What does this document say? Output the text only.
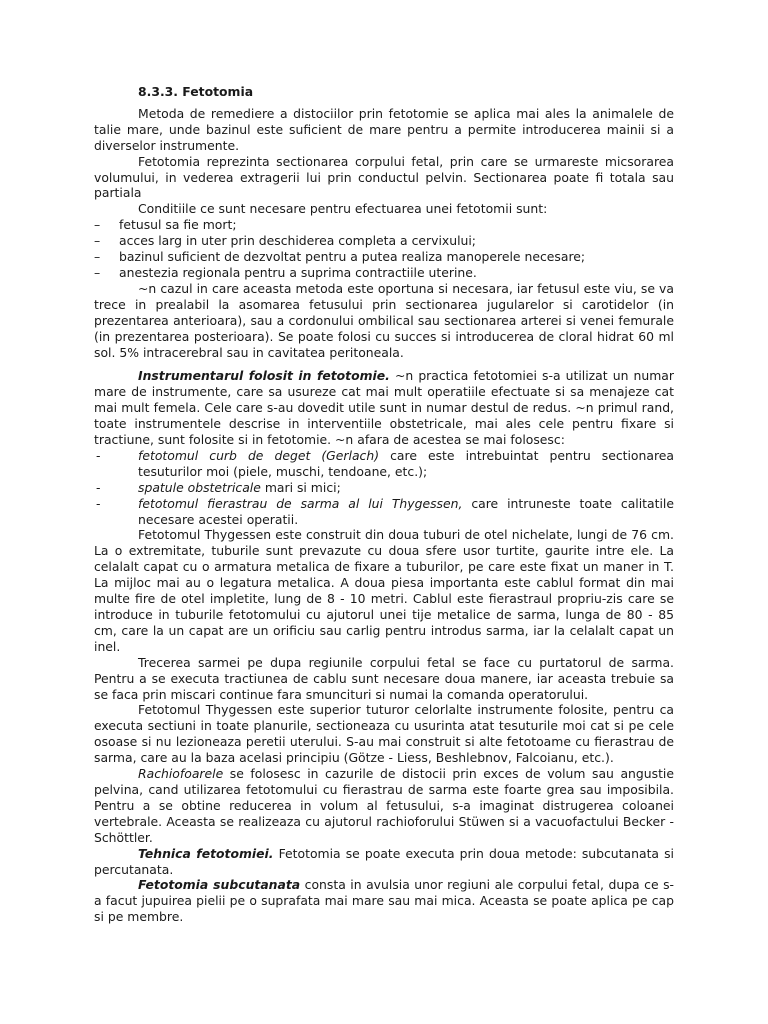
8.3.3. Fetotomia

Metoda de remediere a distociilor prin fetotomie se aplica mai ales la animalele de talie mare, unde bazinul este suficient de mare pentru a permite introducerea mainii si a diverselor instrumente.

Fetotomia reprezinta sectionarea corpului fetal, prin care se urmareste micsorarea volumului, in vederea extragerii lui prin conductul pelvin. Sectionarea poate fi totala sau partiala

Conditiile ce sunt necesare pentru efectuarea unei fetotomii sunt:

– fetusul sa fie mort;
– acces larg in uter prin deschiderea completa a cervixului;
– bazinul suficient de dezvoltat pentru a putea realiza manoperele necesare;
– anestezia regionala pentru a suprima contractiile uterine.

~n cazul in care aceasta metoda este oportuna si necesara, iar fetusul este viu, se va trece in prealabil la asomarea fetusului prin sectionarea jugularelor si carotidelor (in prezentarea anterioara), sau a cordonului ombilical sau sectionarea arterei si venei femurale (in prezentarea posterioara). Se poate folosi cu succes si introducerea de cloral hidrat 60 ml sol. 5% intracerebral sau in cavitatea peritoneala.

Instrumentarul folosit in fetotomie. ~n practica fetotomiei s-a utilizat un numar mare de instrumente, care sa usureze cat mai mult operatiile efectuate si sa menajeze cat mai mult femela. Cele care s-au dovedit utile sunt in numar destul de redus. ~n primul rand, toate instrumentele descrise in interventiile obstetricale, mai ales cele pentru fixare si tractiune, sunt folosite si in fetotomie. ~n afara de acestea se mai folosesc:

- fetotomul curb de deget (Gerlach) care este intrebuintat pentru sectionarea tesuturilor moi (piele, muschi, tendoane, etc.);
- spatule obstetricale mari si mici;
- fetotomul fierastrau de sarma al lui Thygessen, care intruneste toate calitatile necesare acestei operatii.

Fetotomul Thygessen este construit din doua tuburi de otel nichelate, lungi de 76 cm. La o extremitate, tuburile sunt prevazute cu doua sfere usor turtite, gaurite intre ele. La celalalt capat cu o armatura metalica de fixare a tuburilor, pe care este fixat un maner in T. La mijloc mai au o legatura metalica. A doua piesa importanta este cablul format din mai multe fire de otel impletite, lung de 8 - 10 metri. Cablul este fierastraul propriu-zis care se introduce in tuburile fetotomului cu ajutorul unei tije metalice de sarma, lunga de 80 - 85 cm, care la un capat are un orificiu sau carlig pentru introdus sarma, iar la celalalt capat un inel.

Trecerea sarmei pe dupa regiunile corpului fetal se face cu purtatorul de sarma. Pentru a se executa tractiunea de cablu sunt necesare doua manere, iar aceasta trebuie sa se faca prin miscari continue fara smunciturі si numai la comanda operatorului.

Fetotomul Thygessen este superior tuturor celorlalte instrumente folosite, pentru ca executa sectiuni in toate planurile, sectioneaza cu usurinta atat tesuturile moi cat si pe cele osoase si nu lezioneaza peretii uterului. S-au mai construit si alte fetotoame cu fierastrau de sarma, care au la baza acelasi principiu (Götze - Liess, Beshlebnov, Falcoianu, etc.).

Rachiofoarele se folosesc in cazurile de distocii prin exces de volum sau angustie pelvina, cand utilizarea fetotomului cu fierastrau de sarma este foarte grea sau imposibila. Pentru a se obtine reducerea in volum al fetusului, s-a imaginat distrugerea coloanei vertebrale. Aceasta se realizeaza cu ajutorul rachioforului Stüwen si a vacuofactului Becker - Schöttler.

Tehnica fetotomiei. Fetotomia se poate executa prin doua metode: subcutanata si percutanata.

Fetotomia subcutanata consta in avulsia unor regiuni ale corpului fetal, dupa ce s-a facut jupuirea pielii pe o suprafata mai mare sau mai mica. Aceasta se poate aplica pe cap si pe membre.
